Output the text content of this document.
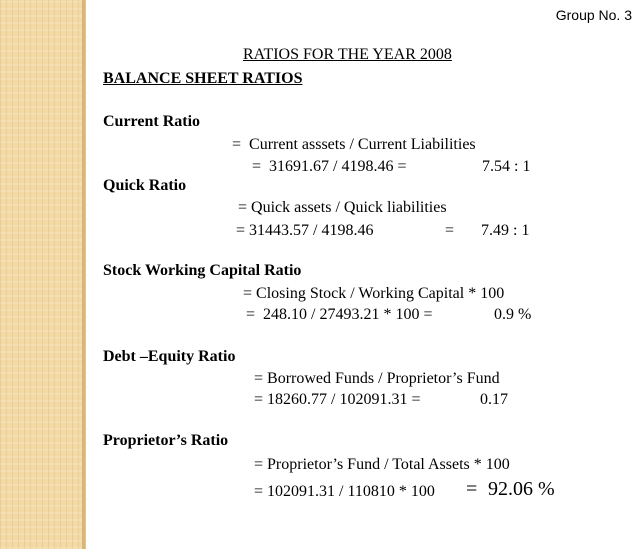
Group No. 3
RATIOS FOR THE YEAR 2008
BALANCE SHEET RATIOS
Current Ratio
=  Current asssets / Current Liabilities
=  31691.67 / 4198.46 =	7.54 : 1
Quick Ratio
= Quick assets / Quick liabilities
= 31443.57 / 4198.46	= 7.49 : 1
Stock Working Capital Ratio
= Closing Stock / Working Capital * 100
=  248.10 / 27493.21 * 100 =	0.9 %
Debt –Equity Ratio
= Borrowed Funds / Proprietor’s Fund
= 18260.77 / 102091.31 =	0.17
Proprietor’s Ratio
= Proprietor’s Fund / Total Assets * 100
= 102091.31 / 110810 * 100 = 92.06 %
